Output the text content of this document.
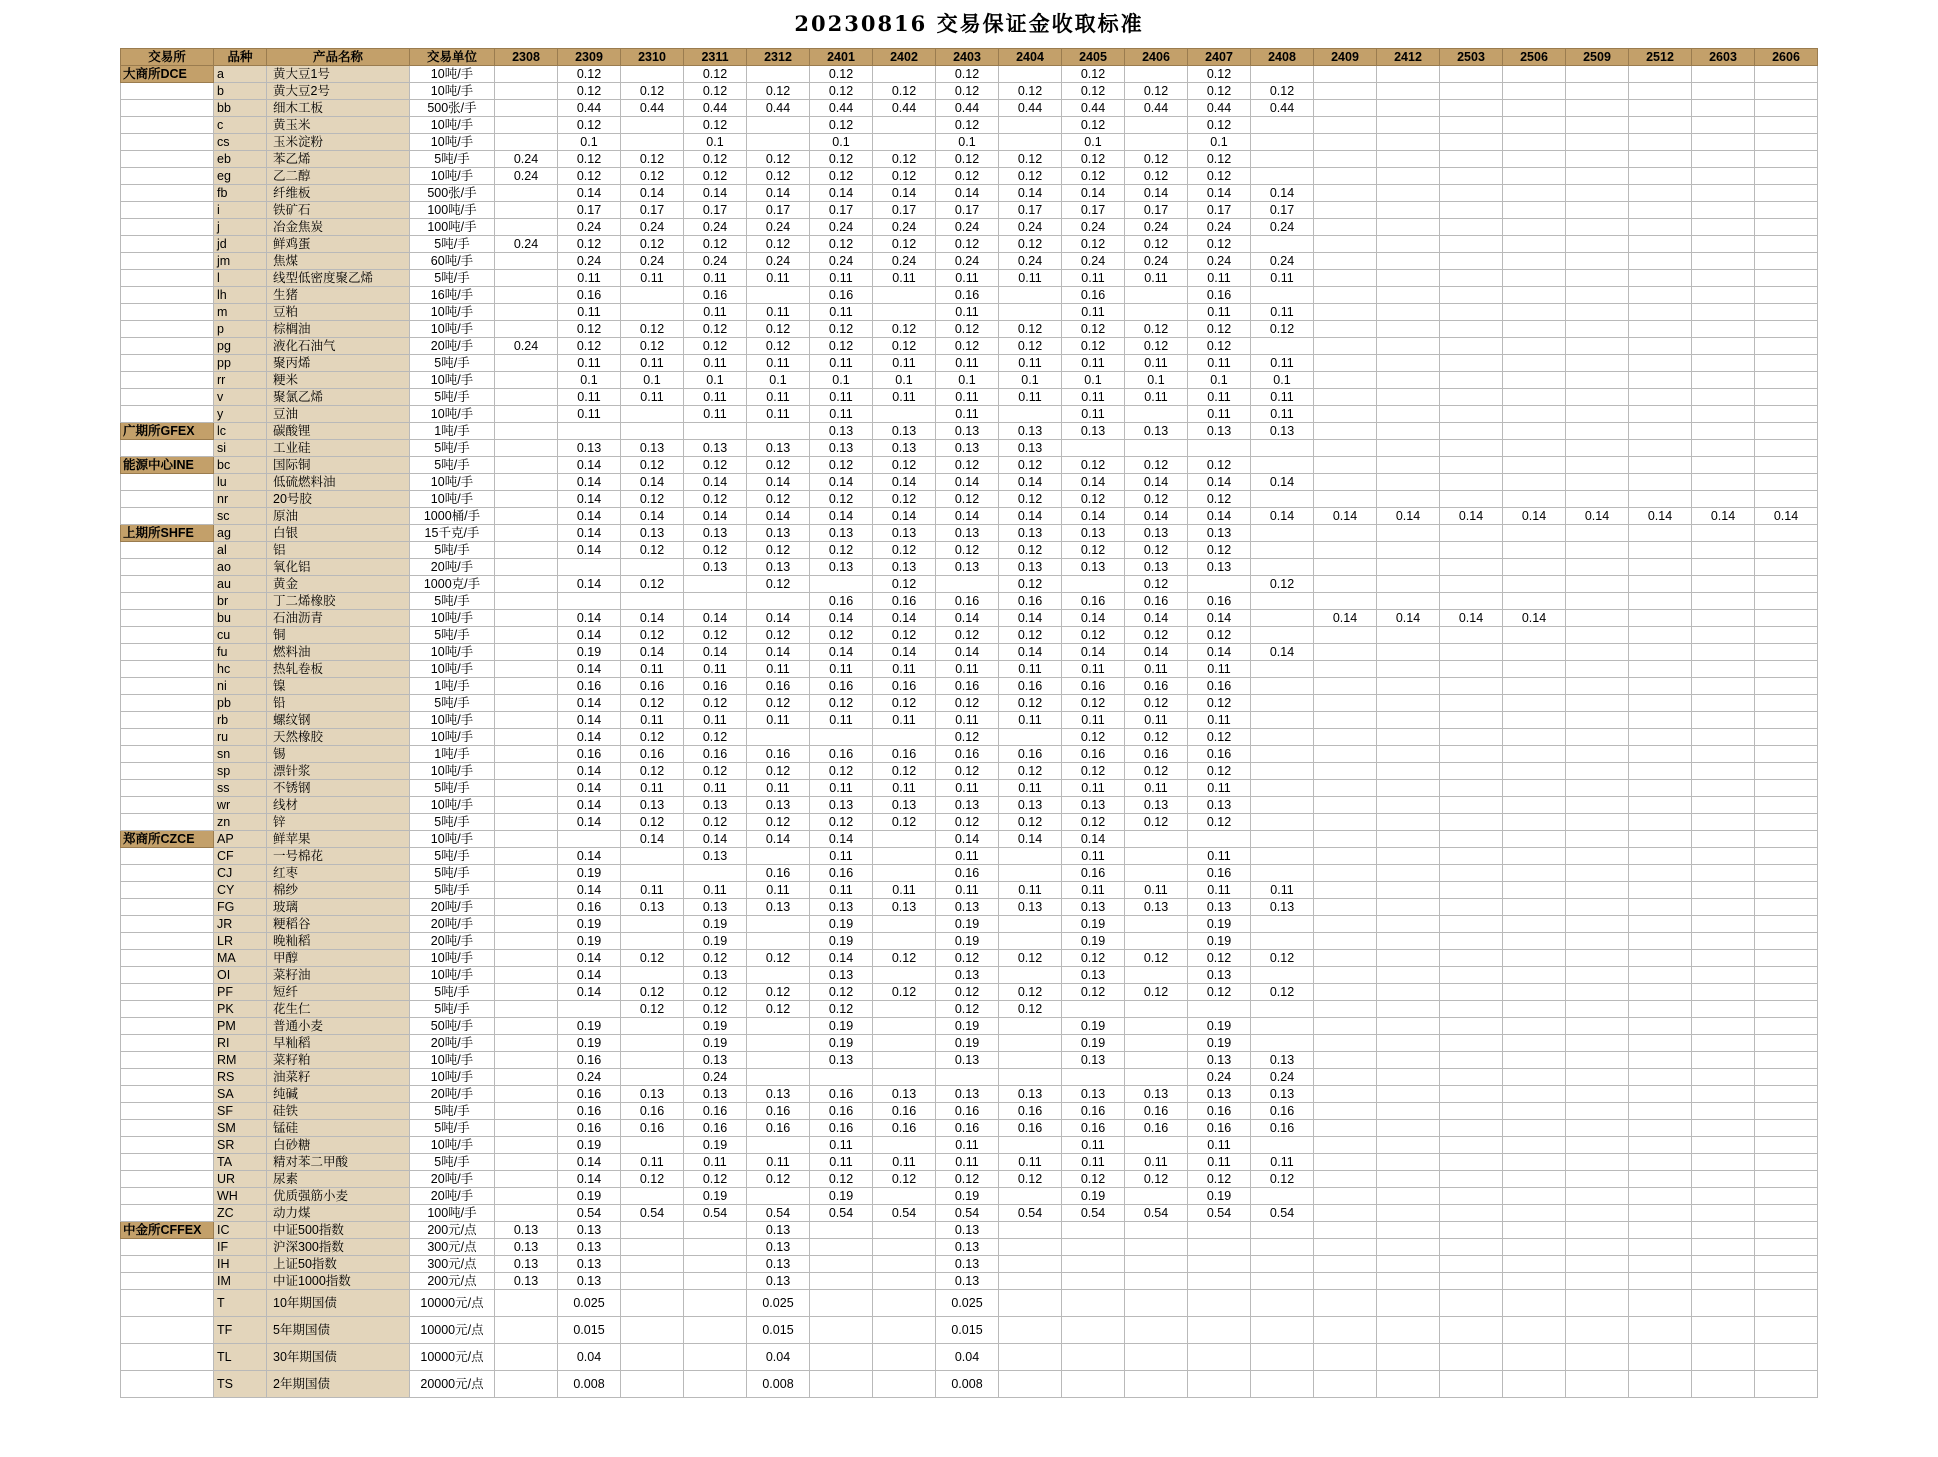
20230816 交易保证金收取标准
交易所	品种	产品名称	交易单位	2308	2309	2310	2311	2312	2401	2402	2403	2404	2405	2406	2407	2408	2409	2412	2503	2506	2509	2512	2603	2606
大商所DCE	a	黄大豆1号	10吨/手		0.12		0.12		0.12		0.12		0.12		0.12									
	b	黄大豆2号	10吨/手		0.12	0.12	0.12	0.12	0.12	0.12	0.12	0.12	0.12	0.12	0.12	0.12								
	bb	细木工板	500张/手		0.44	0.44	0.44	0.44	0.44	0.44	0.44	0.44	0.44	0.44	0.44	0.44								
	c	黄玉米	10吨/手		0.12		0.12		0.12		0.12		0.12		0.12									
	cs	玉米淀粉	10吨/手		0.1		0.1		0.1		0.1		0.1		0.1									
	eb	苯乙烯	5吨/手	0.24	0.12	0.12	0.12	0.12	0.12	0.12	0.12	0.12	0.12	0.12	0.12									
	eg	乙二醇	10吨/手	0.24	0.12	0.12	0.12	0.12	0.12	0.12	0.12	0.12	0.12	0.12	0.12									
	fb	纤维板	500张/手		0.14	0.14	0.14	0.14	0.14	0.14	0.14	0.14	0.14	0.14	0.14	0.14								
	i	铁矿石	100吨/手		0.17	0.17	0.17	0.17	0.17	0.17	0.17	0.17	0.17	0.17	0.17	0.17								
	j	冶金焦炭	100吨/手		0.24	0.24	0.24	0.24	0.24	0.24	0.24	0.24	0.24	0.24	0.24	0.24								
	jd	鲜鸡蛋	5吨/手	0.24	0.12	0.12	0.12	0.12	0.12	0.12	0.12	0.12	0.12	0.12	0.12									
	jm	焦煤	60吨/手		0.24	0.24	0.24	0.24	0.24	0.24	0.24	0.24	0.24	0.24	0.24	0.24								
	l	线型低密度聚乙烯	5吨/手		0.11	0.11	0.11	0.11	0.11	0.11	0.11	0.11	0.11	0.11	0.11	0.11								
	lh	生猪	16吨/手		0.16		0.16		0.16		0.16		0.16		0.16									
	m	豆粕	10吨/手		0.11		0.11	0.11	0.11		0.11		0.11		0.11	0.11								
	p	棕榈油	10吨/手		0.12	0.12	0.12	0.12	0.12	0.12	0.12	0.12	0.12	0.12	0.12	0.12								
	pg	液化石油气	20吨/手	0.24	0.12	0.12	0.12	0.12	0.12	0.12	0.12	0.12	0.12	0.12	0.12									
	pp	聚丙烯	5吨/手		0.11	0.11	0.11	0.11	0.11	0.11	0.11	0.11	0.11	0.11	0.11	0.11								
	rr	粳米	10吨/手		0.1	0.1	0.1	0.1	0.1	0.1	0.1	0.1	0.1	0.1	0.1	0.1								
	v	聚氯乙烯	5吨/手		0.11	0.11	0.11	0.11	0.11	0.11	0.11	0.11	0.11	0.11	0.11	0.11								
	y	豆油	10吨/手		0.11		0.11	0.11	0.11		0.11		0.11		0.11	0.11								
广期所GFEX	lc	碳酸锂	1吨/手						0.13	0.13	0.13	0.13	0.13	0.13	0.13	0.13								
	si	工业硅	5吨/手		0.13	0.13	0.13	0.13	0.13	0.13	0.13	0.13												
能源中心INE	bc	国际铜	5吨/手		0.14	0.12	0.12	0.12	0.12	0.12	0.12	0.12	0.12	0.12	0.12									
	lu	低硫燃料油	10吨/手		0.14	0.14	0.14	0.14	0.14	0.14	0.14	0.14	0.14	0.14	0.14	0.14								
	nr	20号胶	10吨/手		0.14	0.12	0.12	0.12	0.12	0.12	0.12	0.12	0.12	0.12	0.12									
	sc	原油	1000桶/手		0.14	0.14	0.14	0.14	0.14	0.14	0.14	0.14	0.14	0.14	0.14	0.14	0.14	0.14	0.14	0.14	0.14	0.14	0.14	0.14
上期所SHFE	ag	白银	15千克/手		0.14	0.13	0.13	0.13	0.13	0.13	0.13	0.13	0.13	0.13	0.13									
	al	铝	5吨/手		0.14	0.12	0.12	0.12	0.12	0.12	0.12	0.12	0.12	0.12	0.12									
	ao	氧化铝	20吨/手				0.13	0.13	0.13	0.13	0.13	0.13	0.13	0.13	0.13									
	au	黄金	1000克/手		0.14	0.12		0.12		0.12		0.12		0.12		0.12								
	br	丁二烯橡胶	5吨/手						0.16	0.16	0.16	0.16	0.16	0.16	0.16									
	bu	石油沥青	10吨/手		0.14	0.14	0.14	0.14	0.14	0.14	0.14	0.14	0.14	0.14	0.14		0.14	0.14	0.14	0.14				
	cu	铜	5吨/手		0.14	0.12	0.12	0.12	0.12	0.12	0.12	0.12	0.12	0.12	0.12									
	fu	燃料油	10吨/手		0.19	0.14	0.14	0.14	0.14	0.14	0.14	0.14	0.14	0.14	0.14	0.14								
	hc	热轧卷板	10吨/手		0.14	0.11	0.11	0.11	0.11	0.11	0.11	0.11	0.11	0.11	0.11									
	ni	镍	1吨/手		0.16	0.16	0.16	0.16	0.16	0.16	0.16	0.16	0.16	0.16	0.16									
	pb	铅	5吨/手		0.14	0.12	0.12	0.12	0.12	0.12	0.12	0.12	0.12	0.12	0.12									
	rb	螺纹钢	10吨/手		0.14	0.11	0.11	0.11	0.11	0.11	0.11	0.11	0.11	0.11	0.11									
	ru	天然橡胶	10吨/手		0.14	0.12	0.12				0.12		0.12	0.12	0.12									
	sn	锡	1吨/手		0.16	0.16	0.16	0.16	0.16	0.16	0.16	0.16	0.16	0.16	0.16									
	sp	漂针浆	10吨/手		0.14	0.12	0.12	0.12	0.12	0.12	0.12	0.12	0.12	0.12	0.12									
	ss	不锈钢	5吨/手		0.14	0.11	0.11	0.11	0.11	0.11	0.11	0.11	0.11	0.11	0.11									
	wr	线材	10吨/手		0.14	0.13	0.13	0.13	0.13	0.13	0.13	0.13	0.13	0.13	0.13									
	zn	锌	5吨/手		0.14	0.12	0.12	0.12	0.12	0.12	0.12	0.12	0.12	0.12	0.12									
郑商所CZCE	AP	鲜苹果	10吨/手			0.14	0.14	0.14	0.14		0.14	0.14	0.14											
	CF	一号棉花	5吨/手		0.14		0.13		0.11		0.11		0.11		0.11									
	CJ	红枣	5吨/手		0.19			0.16	0.16		0.16		0.16		0.16									
	CY	棉纱	5吨/手		0.14	0.11	0.11	0.11	0.11	0.11	0.11	0.11	0.11	0.11	0.11	0.11								
	FG	玻璃	20吨/手		0.16	0.13	0.13	0.13	0.13	0.13	0.13	0.13	0.13	0.13	0.13	0.13								
	JR	粳稻谷	20吨/手		0.19		0.19		0.19		0.19		0.19		0.19									
	LR	晚籼稻	20吨/手		0.19		0.19		0.19		0.19		0.19		0.19									
	MA	甲醇	10吨/手		0.14	0.12	0.12	0.12	0.14	0.12	0.12	0.12	0.12	0.12	0.12	0.12								
	OI	菜籽油	10吨/手		0.14		0.13		0.13		0.13		0.13		0.13									
	PF	短纤	5吨/手		0.14	0.12	0.12	0.12	0.12	0.12	0.12	0.12	0.12	0.12	0.12	0.12								
	PK	花生仁	5吨/手			0.12	0.12	0.12	0.12		0.12	0.12												
	PM	普通小麦	50吨/手		0.19		0.19		0.19		0.19		0.19		0.19									
	RI	早籼稻	20吨/手		0.19		0.19		0.19		0.19		0.19		0.19									
	RM	菜籽粕	10吨/手		0.16		0.13		0.13		0.13		0.13		0.13	0.13								
	RS	油菜籽	10吨/手		0.24		0.24								0.24	0.24								
	SA	纯碱	20吨/手		0.16	0.13	0.13	0.13	0.16	0.13	0.13	0.13	0.13	0.13	0.13	0.13								
	SF	硅铁	5吨/手		0.16	0.16	0.16	0.16	0.16	0.16	0.16	0.16	0.16	0.16	0.16	0.16								
	SM	锰硅	5吨/手		0.16	0.16	0.16	0.16	0.16	0.16	0.16	0.16	0.16	0.16	0.16	0.16								
	SR	白砂糖	10吨/手		0.19		0.19		0.11		0.11		0.11		0.11									
	TA	精对苯二甲酸	5吨/手		0.14	0.11	0.11	0.11	0.11	0.11	0.11	0.11	0.11	0.11	0.11	0.11								
	UR	尿素	20吨/手		0.14	0.12	0.12	0.12	0.12	0.12	0.12	0.12	0.12	0.12	0.12	0.12								
	WH	优质强筋小麦	20吨/手		0.19		0.19		0.19		0.19		0.19		0.19									
	ZC	动力煤	100吨/手		0.54	0.54	0.54	0.54	0.54	0.54	0.54	0.54	0.54	0.54	0.54	0.54								
中金所CFFEX	IC	中证500指数	200元/点	0.13	0.13			0.13			0.13													
	IF	沪深300指数	300元/点	0.13	0.13			0.13			0.13													
	IH	上证50指数	300元/点	0.13	0.13			0.13			0.13													
	IM	中证1000指数	200元/点	0.13	0.13			0.13			0.13													
	T	10年期国债	10000元/点		0.025			0.025			0.025													
	TF	5年期国债	10000元/点		0.015			0.015			0.015													
	TL	30年期国债	10000元/点		0.04			0.04			0.04													
	TS	2年期国债	20000元/点		0.008			0.008			0.008													
